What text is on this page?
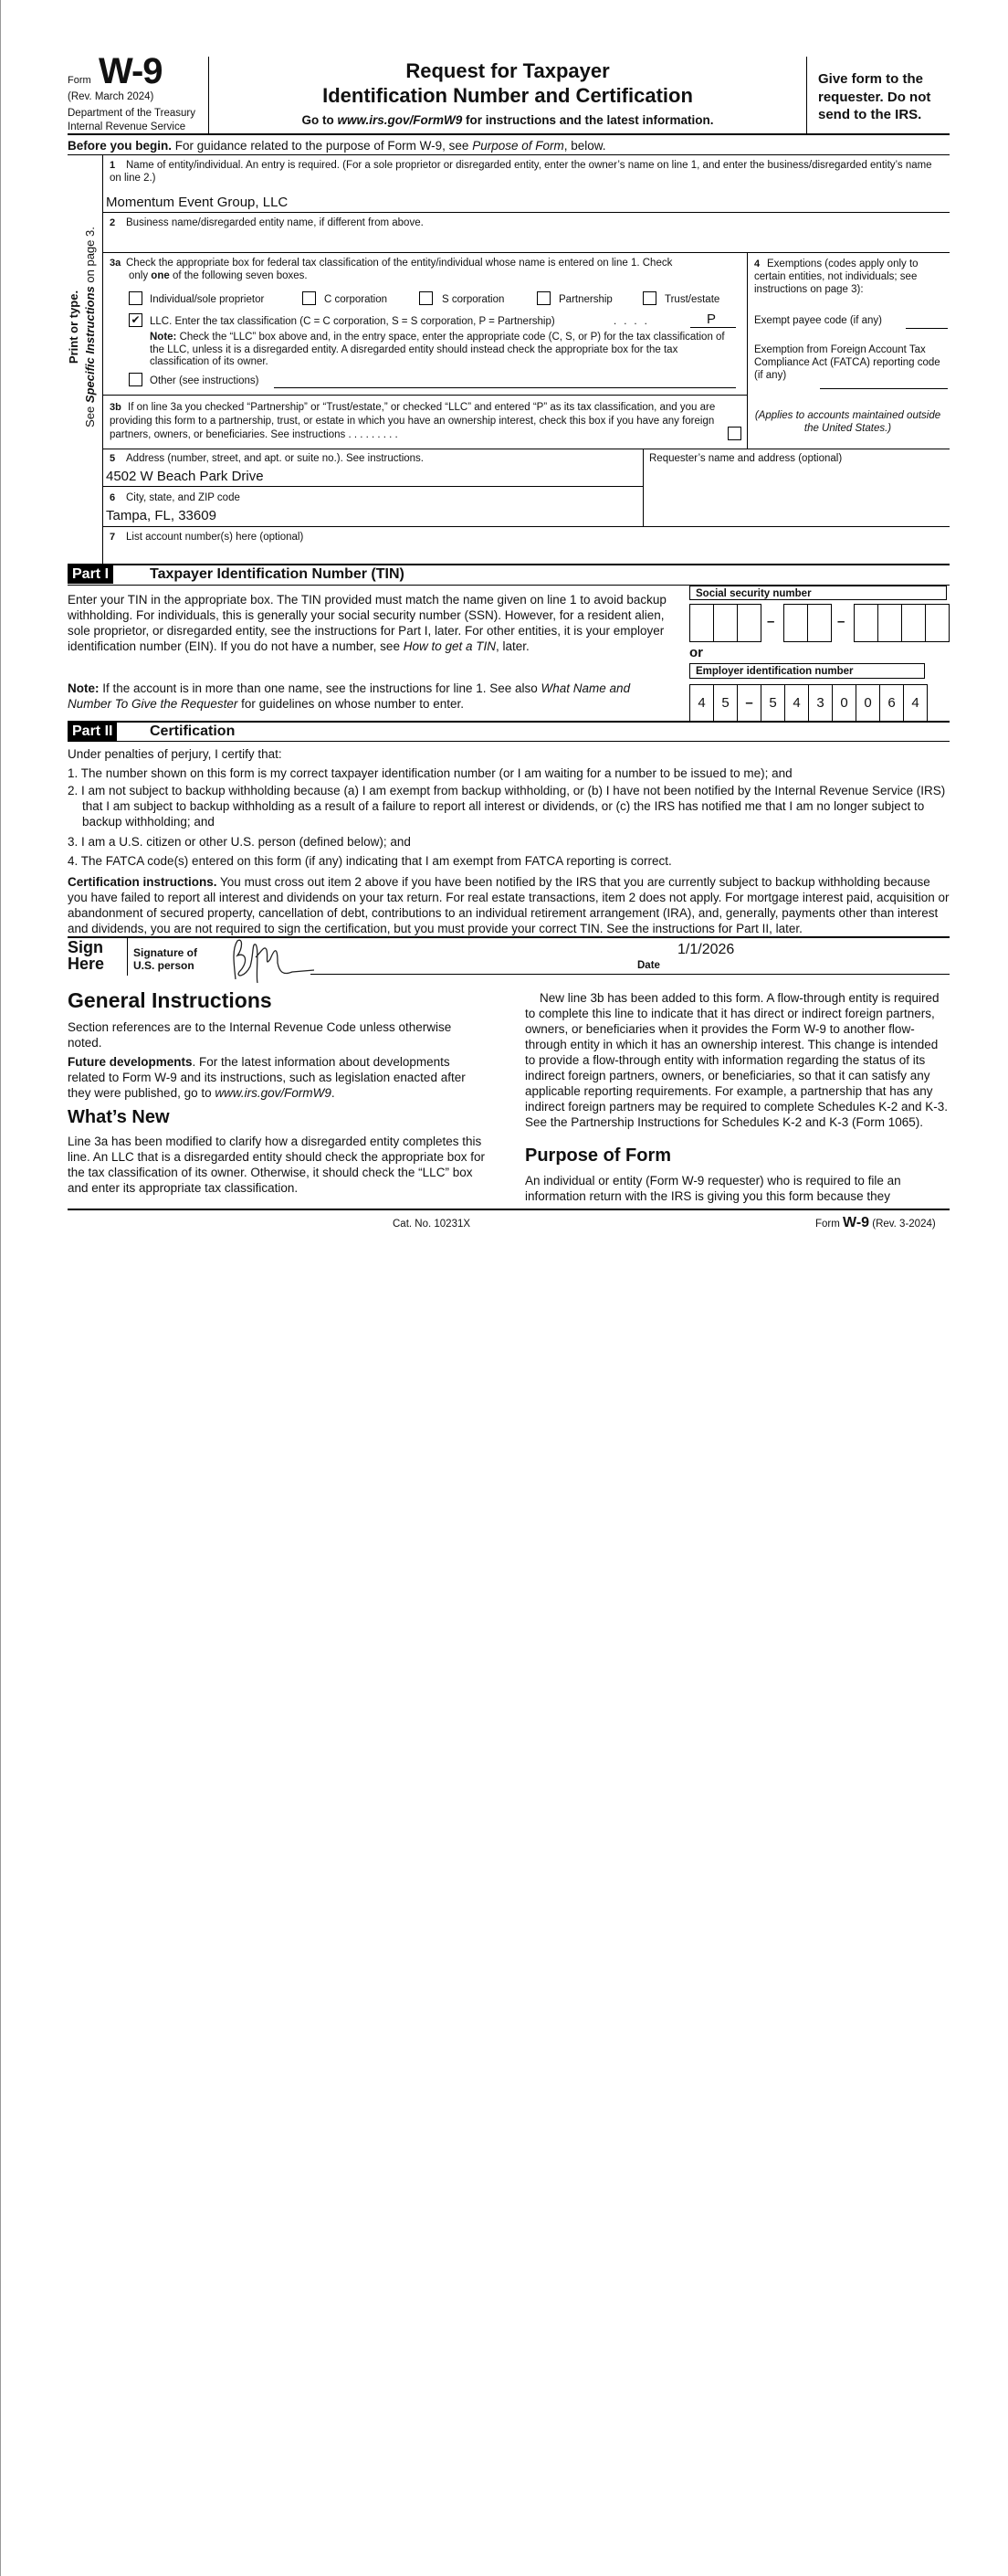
Form W-9
(Rev. March 2024)
Department of the Treasury
Internal Revenue Service
Request for Taxpayer
Identification Number and Certification
Go to www.irs.gov/FormW9 for instructions and the latest information.
Give form to the
requester. Do not
send to the IRS.
Before you begin. For guidance related to the purpose of Form W-9, see Purpose of Form, below.
Print or type.
See Specific Instructions on page 3.
1 Name of entity/individual. An entry is required. (For a sole proprietor or disregarded entity, enter the owner’s name on line 1, and enter the business/disregarded entity’s name on line 2.)
Momentum Event Group, LLC
2 Business name/disregarded entity name, if different from above.
3a Check the appropriate box for federal tax classification of the entity/individual whose name is entered on line 1. Check
only one of the following seven boxes.
Individual/sole proprietor	C corporation	S corporation	Partnership	Trust/estate
✔ LLC. Enter the tax classification (C = C corporation, S = S corporation, P = Partnership)	....	P
Note: Check the “LLC” box above and, in the entry space, enter the appropriate code (C, S, or P) for the tax classification of the LLC, unless it is a disregarded entity. A disregarded entity should instead check the appropriate box for the tax classification of its owner.
Other (see instructions)
4 Exemptions (codes apply only to certain entities, not individuals; see instructions on page 3):
Exempt payee code (if any)
Exemption from Foreign Account Tax Compliance Act (FATCA) reporting code (if any)
(Applies to accounts maintained outside the United States.)
3b If on line 3a you checked “Partnership” or “Trust/estate,” or checked “LLC” and entered “P” as its tax classification, and you are providing this form to a partnership, trust, or estate in which you have an ownership interest, check this box if you have any foreign partners, owners, or beneficiaries. See instructions . . . . . . . . .
5 Address (number, street, and apt. or suite no.). See instructions.
4502 W Beach Park Drive
Requester’s name and address (optional)
6 City, state, and ZIP code
Tampa, FL, 33609
7 List account number(s) here (optional)
Part I	Taxpayer Identification Number (TIN)
Enter your TIN in the appropriate box. The TIN provided must match the name given on line 1 to avoid backup withholding. For individuals, this is generally your social security number (SSN). However, for a resident alien, sole proprietor, or disregarded entity, see the instructions for Part I, later. For other entities, it is your employer identification number (EIN). If you do not have a number, see How to get a TIN, later.
Note: If the account is in more than one name, see the instructions for line 1. See also What Name and Number To Give the Requester for guidelines on whose number to enter.
Social security number
–	–
or
Employer identification number
4	5	–	5	4	3	0	0	6	4
Part II	Certification
Under penalties of perjury, I certify that:
1. The number shown on this form is my correct taxpayer identification number (or I am waiting for a number to be issued to me); and
2. I am not subject to backup withholding because (a) I am exempt from backup withholding, or (b) I have not been notified by the Internal Revenue Service (IRS) that I am subject to backup withholding as a result of a failure to report all interest or dividends, or (c) the IRS has notified me that I am no longer subject to backup withholding; and
3. I am a U.S. citizen or other U.S. person (defined below); and
4. The FATCA code(s) entered on this form (if any) indicating that I am exempt from FATCA reporting is correct.
Certification instructions. You must cross out item 2 above if you have been notified by the IRS that you are currently subject to backup withholding because you have failed to report all interest and dividends on your tax return. For real estate transactions, item 2 does not apply. For mortgage interest paid, acquisition or abandonment of secured property, cancellation of debt, contributions to an individual retirement arrangement (IRA), and, generally, payments other than interest and dividends, you are not required to sign the certification, but you must provide your correct TIN. See the instructions for Part II, later.
Sign
Here
Signature of
U.S. person
1/1/2026
Date
General Instructions
Section references are to the Internal Revenue Code unless otherwise noted.
Future developments. For the latest information about developments related to Form W-9 and its instructions, such as legislation enacted after they were published, go to www.irs.gov/FormW9.
What’s New
Line 3a has been modified to clarify how a disregarded entity completes this line. An LLC that is a disregarded entity should check the appropriate box for the tax classification of its owner. Otherwise, it should check the “LLC” box and enter its appropriate tax classification.
New line 3b has been added to this form. A flow-through entity is required to complete this line to indicate that it has direct or indirect foreign partners, owners, or beneficiaries when it provides the Form W-9 to another flow-through entity in which it has an ownership interest. This change is intended to provide a flow-through entity with information regarding the status of its indirect foreign partners, owners, or beneficiaries, so that it can satisfy any applicable reporting requirements. For example, a partnership that has any indirect foreign partners may be required to complete Schedules K-2 and K-3. See the Partnership Instructions for Schedules K-2 and K-3 (Form 1065).
Purpose of Form
An individual or entity (Form W-9 requester) who is required to file an information return with the IRS is giving you this form because they
Cat. No. 10231X	Form W-9 (Rev. 3-2024)
